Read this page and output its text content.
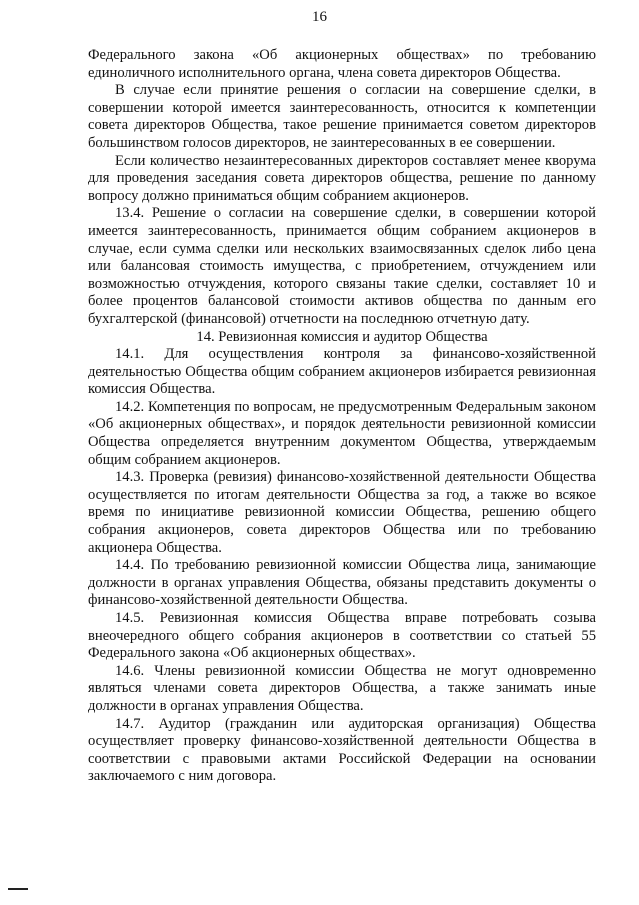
16

Федерального закона «Об акционерных обществах» по требованию единоличного исполнительного органа, члена совета директоров Общества.

В случае если принятие решения о согласии на совершение сделки, в совершении которой имеется заинтересованность, относится к компетенции совета директоров Общества, такое решение принимается советом директоров большинством голосов директоров, не заинтересованных в ее совершении.

Если количество незаинтересованных директоров составляет менее кворума для проведения заседания совета директоров общества, решение по данному вопросу должно приниматься общим собранием акционеров.

13.4. Решение о согласии на совершение сделки, в совершении которой имеется заинтересованность, принимается общим собранием акционеров в случае, если сумма сделки или нескольких взаимосвязанных сделок либо цена или балансовая стоимость имущества, с приобретением, отчуждением или возможностью отчуждения, которого связаны такие сделки, составляет 10 и более процентов балансовой стоимости активов общества по данным его бухгалтерской (финансовой) отчетности на последнюю отчетную дату.

14. Ревизионная комиссия и аудитор Общества

14.1. Для осуществления контроля за финансово-хозяйственной деятельностью Общества общим собранием акционеров избирается ревизионная комиссия Общества.

14.2. Компетенция по вопросам, не предусмотренным Федеральным законом «Об акционерных обществах», и порядок деятельности ревизионной комиссии Общества определяется внутренним документом Общества, утверждаемым общим собранием акционеров.

14.3. Проверка (ревизия) финансово-хозяйственной деятельности Общества осуществляется по итогам деятельности Общества за год, а также во всякое время по инициативе ревизионной комиссии Общества, решению общего собрания акционеров, совета директоров Общества или по требованию акционера Общества.

14.4. По требованию ревизионной комиссии Общества лица, занимающие должности в органах управления Общества, обязаны представить документы о финансово-хозяйственной деятельности Общества.

14.5. Ревизионная комиссия Общества вправе потребовать созыва внеочередного общего собрания акционеров в соответствии со статьей 55 Федерального закона «Об акционерных обществах».

14.6. Члены ревизионной комиссии Общества не могут одновременно являться членами совета директоров Общества, а также занимать иные должности в органах управления Общества.

14.7. Аудитор (гражданин или аудиторская организация) Общества осуществляет проверку финансово-хозяйственной деятельности Общества в соответствии с правовыми актами Российской Федерации на основании заключаемого с ним договора.
